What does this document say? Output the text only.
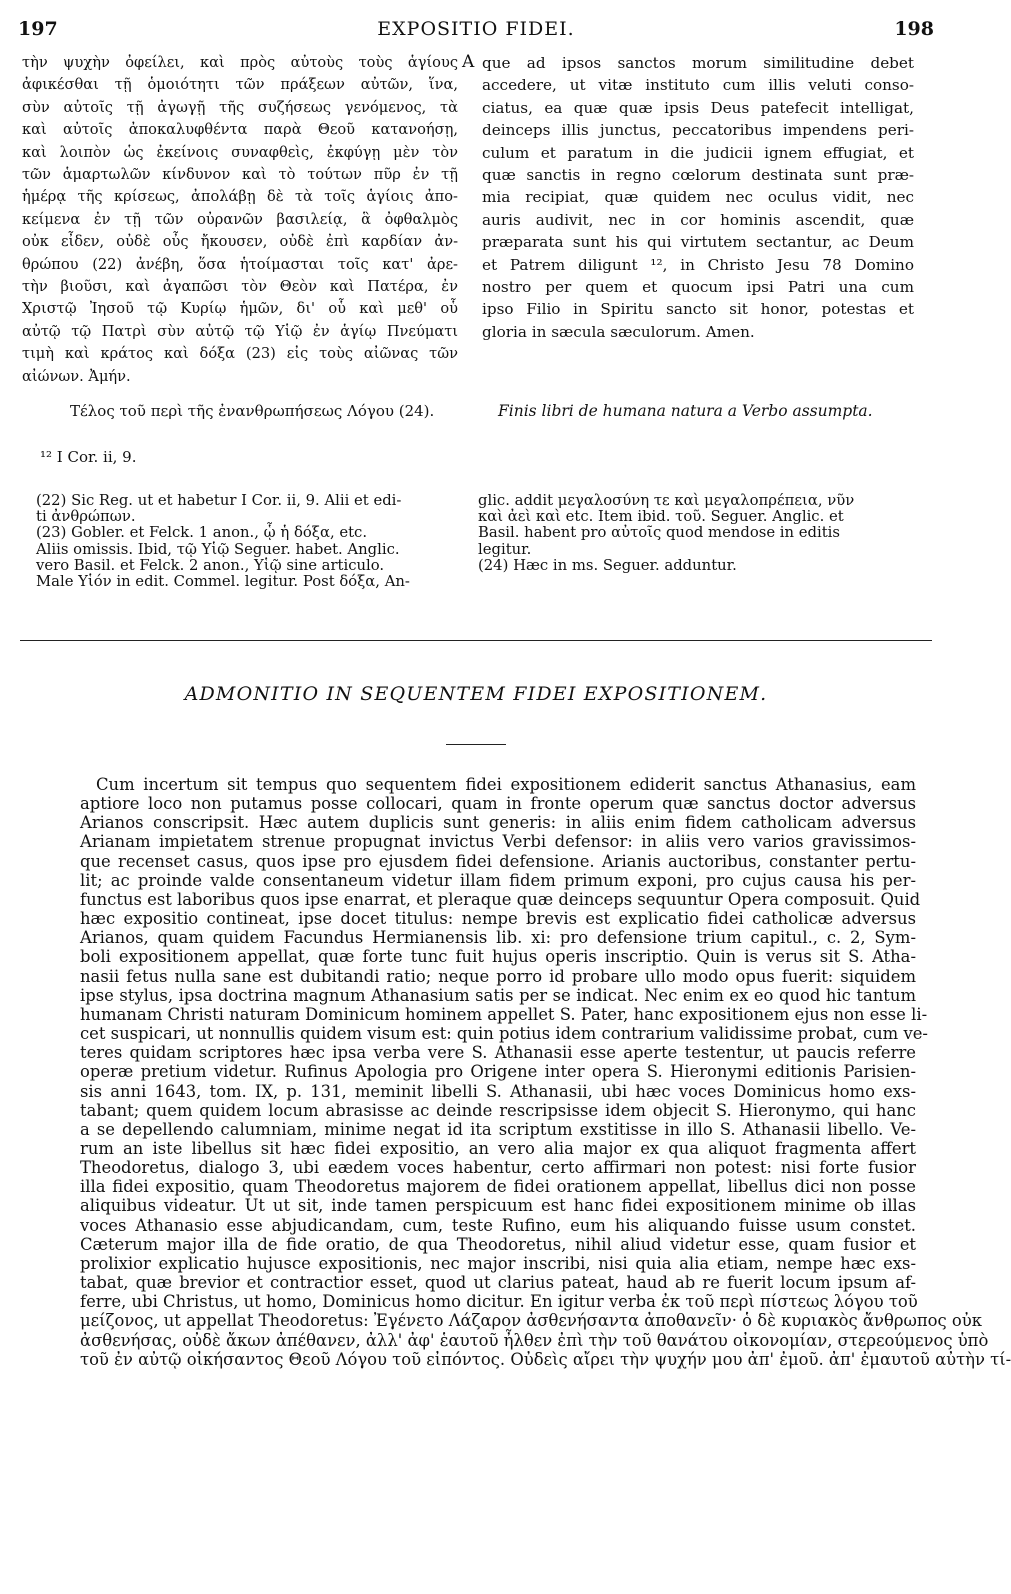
197	EXPOSITIO FIDEI.	198
τὴν ψυχὴν ὀφείλει, καὶ πρὸς αὐτοὺς τοὺς ἁγίους
ἀφικέσθαι τῇ ὁμοιότητι τῶν πράξεων αὐτῶν, ἵνα,
σὺν αὐτοῖς τῇ ἀγωγῇ τῆς συζήσεως γενόμενος, τὰ
καὶ αὐτοῖς ἀποκαλυφθέντα παρὰ Θεοῦ κατανοήσῃ,
καὶ λοιπὸν ὡς ἐκείνοις συναφθεὶς, ἐκφύγῃ μὲν τὸν
τῶν ἁμαρτωλῶν κίνδυνον καὶ τὸ τούτων πῦρ ἐν τῇ
ἡμέρᾳ τῆς κρίσεως, ἀπολάβῃ δὲ τὰ τοῖς ἁγίοις ἀπο-
κείμενα ἐν τῇ τῶν οὐρανῶν βασιλείᾳ, ἃ ὀφθαλμὸς
οὐκ εἶδεν, οὐδὲ οὖς ἤκουσεν, οὐδὲ ἐπὶ καρδίαν ἀν-
θρώπου (22) ἀνέβη, ὅσα ἡτοίμασται τοῖς κατ' ἀρε-
τὴν βιοῦσι, καὶ ἀγαπῶσι τὸν Θεὸν καὶ Πατέρα, ἐν
Χριστῷ Ἰησοῦ τῷ Κυρίῳ ἡμῶν, δι' οὗ καὶ μεθ' οὗ
αὐτῷ τῷ Πατρὶ σὺν αὐτῷ τῷ Υἱῷ ἐν ἁγίῳ Πνεύματι
τιμὴ καὶ κράτος καὶ δόξα (23) εἰς τοὺς αἰῶνας τῶν
αἰώνων. Ἀμήν.
A que ad ipsos sanctos morum similitudine debet
accedere, ut vitæ instituto cum illis veluti conso-
ciatus, ea quæ quæ ipsis Deus patefecit intelligat,
deinceps illis junctus, peccatoribus impendens peri-
culum et paratum in die judicii ignem effugiat, et
quæ sanctis in regno cœlorum destinata sunt præ-
mia recipiat, quæ quidem nec oculus vidit, nec
auris audivit, nec in cor hominis ascendit, quæ
præparata sunt his qui virtutem sectantur, ac Deum
et Patrem diligunt ¹², in Christo Jesu 78 Domino
nostro per quem et quocum ipsi Patri una cum
ipso Filio in Spiritu sancto sit honor, potestas et
gloria in sæcula sæculorum. Amen.
Τέλος τοῦ περὶ τῆς ἐνανθρωπήσεως Λόγου (24).	Finis libri de humana natura a Verbo assumpta.
¹² I Cor. ii, 9.
(22) Sic Reg. ut et habetur I Cor. ii, 9. Alii et edi-
ti ἀνθρώπων.
(23) Gobler. et Felck. 1 anon., ᾧ ἡ δόξα, etc.
Aliis omissis. Ibid, τῷ Υἱῷ Seguer. habet. Anglic.
vero Basil. et Felck. 2 anon., Υἱῷ sine articulo.
Male Υἱόν in edit. Commel. legitur. Post δόξα, An-
glic. addit μεγαλοσύνη τε καὶ μεγαλοπρέπεια, νῦν
καὶ ἀεὶ καὶ etc. Item ibid. τοῦ. Seguer. Anglic. et
Basil. habent pro αὐτοῖς quod mendose in editis
legitur.
(24) Hæc in ms. Seguer. adduntur.
ADMONITIO IN SEQUENTEM FIDEI EXPOSITIONEM.
Cum incertum sit tempus quo sequentem fidei expositionem ediderit sanctus Athanasius, eam
aptiore loco non putamus posse collocari, quam in fronte operum quæ sanctus doctor adversus
Arianos conscripsit. Hæc autem duplicis sunt generis: in aliis enim fidem catholicam adversus
Arianam impietatem strenue propugnat invictus Verbi defensor: in aliis vero varios gravissimos-
que recenset casus, quos ipse pro ejusdem fidei defensione. Arianis auctoribus, constanter pertu-
lit; ac proinde valde consentaneum videtur illam fidem primum exponi, pro cujus causa his per-
functus est laboribus quos ipse enarrat, et pleraque quæ deinceps sequuntur Opera composuit. Quid
hæc expositio contineat, ipse docet titulus: nempe brevis est explicatio fidei catholicæ adversus
Arianos, quam quidem Facundus Hermianensis lib. xi: pro defensione trium capitul., c. 2, Sym-
boli expositionem appellat, quæ forte tunc fuit hujus operis inscriptio. Quin is verus sit S. Atha-
nasii fetus nulla sane est dubitandi ratio; neque porro id probare ullo modo opus fuerit: siquidem
ipse stylus, ipsa doctrina magnum Athanasium satis per se indicat. Nec enim ex eo quod hic tantum
humanam Christi naturam Dominicum hominem appellet S. Pater, hanc expositionem ejus non esse li-
cet suspicari, ut nonnullis quidem visum est: quin potius idem contrarium validissime probat, cum ve-
teres quidam scriptores hæc ipsa verba vere S. Athanasii esse aperte testentur, ut paucis referre
operæ pretium videtur. Rufinus Apologia pro Origene inter opera S. Hieronymi editionis Parisien-
sis anni 1643, tom. IX, p. 131, meminit libelli S. Athanasii, ubi hæc voces Dominicus homo exs-
tabant; quem quidem locum abrasisse ac deinde rescripsisse idem objecit S. Hieronymo, qui hanc
a se depellendo calumniam, minime negat id ita scriptum exstitisse in illo S. Athanasii libello. Ve-
rum an iste libellus sit hæc fidei expositio, an vero alia major ex qua aliquot fragmenta affert
Theodoretus, dialogo 3, ubi eædem voces habentur, certo affirmari non potest: nisi forte fusior
illa fidei expositio, quam Theodoretus majorem de fidei orationem appellat, libellus dici non posse
aliquibus videatur. Ut ut sit, inde tamen perspicuum est hanc fidei expositionem minime ob illas
voces Athanasio esse abjudicandam, cum, teste Rufino, eum his aliquando fuisse usum constet.
Cæterum major illa de fide oratio, de qua Theodoretus, nihil aliud videtur esse, quam fusior et
prolixior explicatio hujusce expositionis, nec major inscribi, nisi quia alia etiam, nempe hæc exs-
tabat, quæ brevior et contractior esset, quod ut clarius pateat, haud ab re fuerit locum ipsum af-
ferre, ubi Christus, ut homo, Dominicus homo dicitur. En igitur verba ἐκ τοῦ περὶ πίστεως λόγου τοῦ
μείζονος, ut appellat Theodoretus: Ἐγένετο Λάζαρον ἀσθενήσαντα ἀποθανεῖν· ὁ δὲ κυριακὸς ἄνθρωπος οὐκ
ἀσθενήσας, οὐδὲ ἄκων ἀπέθανεν, ἀλλ' ἀφ' ἑαυτοῦ ἦλθεν ἐπὶ τὴν τοῦ θανάτου οἰκονομίαν, στερεούμενος ὑπὸ
τοῦ ἐν αὐτῷ οἰκήσαντος Θεοῦ Λόγου τοῦ εἰπόντος. Οὐδεὶς αἴρει τὴν ψυχήν μου ἀπ' ἐμοῦ. ἀπ' ἐμαυτοῦ αὐτὴν τί-
